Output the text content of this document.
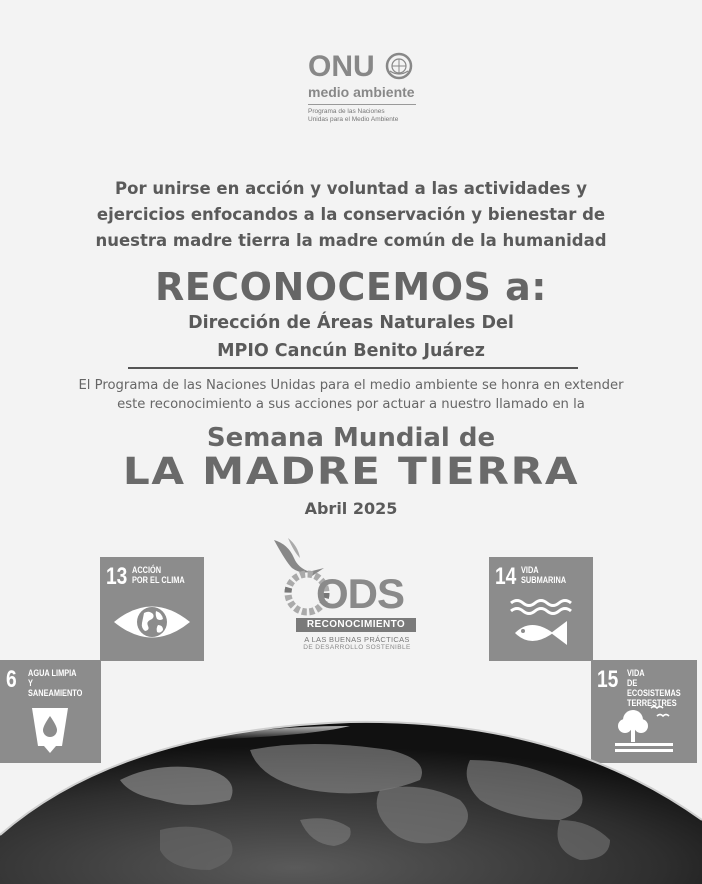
ONU
medio ambiente
Programa de las Naciones
Unidas para el Medio Ambiente
Por unirse en acción y voluntad a las actividades y
ejercicios enfocandos a la conservación y bienestar de
nuestra madre tierra la madre común de la humanidad
RECONOCEMOS a:
Dirección de Áreas Naturales Del
MPIO Cancún Benito Juárez
El Programa de las Naciones Unidas para el medio ambiente se honra en extender
este reconocimiento a sus acciones por actuar a nuestro llamado en la
Semana Mundial de
LA MADRE TIERRA
Abril 2025
13 ACCIÓN
POR EL CLIMA	14 VIDA
SUBMARINA
6 AGUA LIMPIA
Y SANEAMIENTO	15 VIDA
DE ECOSISTEMAS
TERRESTRES
ODS
RECONOCIMIENTO
A LAS BUENAS PRÁCTICAS
DE DESARROLLO SOSTENIBLE
